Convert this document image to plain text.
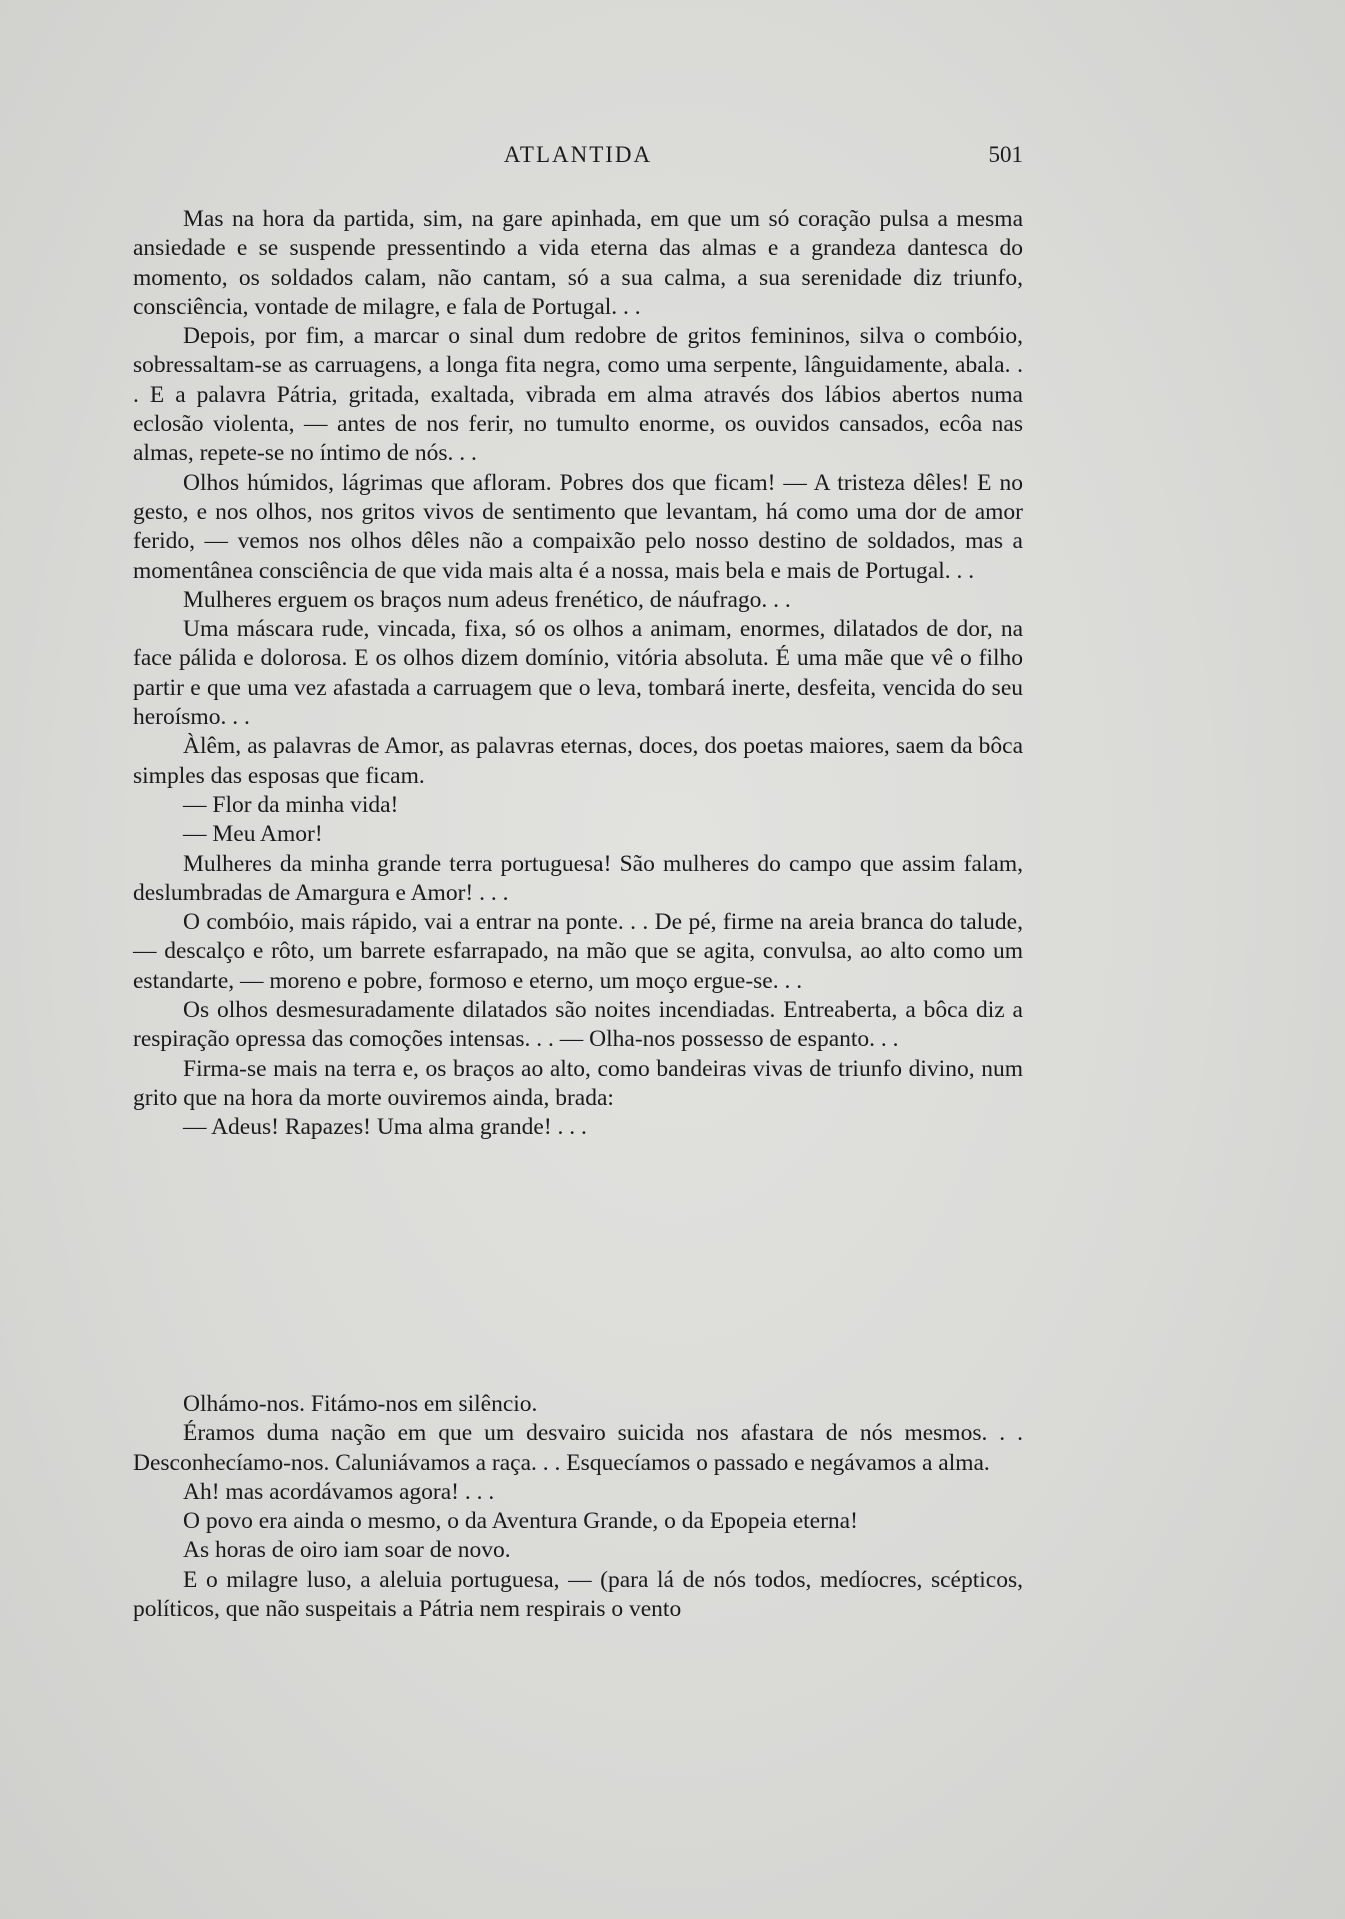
ATLANTIDA	501

Mas na hora da partida, sim, na gare apinhada, em que um só coração pulsa a mesma ansiedade e se suspende pressentindo a vida eterna das almas e a grandeza dantesca do momento, os soldados calam, não cantam, só a sua calma, a sua serenidade diz triunfo, consciência, vontade de milagre, e fala de Portugal. . .

Depois, por fim, a marcar o sinal dum redobre de gritos femininos, silva o combóio, sobressaltam-se as carruagens, a longa fita negra, como uma serpente, lânguidamente, abala. . . E a palavra Pátria, gritada, exaltada, vibrada em alma através dos lábios abertos numa eclosão violenta, — antes de nos ferir, no tumulto enorme, os ouvidos cansados, ecôa nas almas, repete-se no íntimo de nós. . .

Olhos húmidos, lágrimas que afloram. Pobres dos que ficam! — A tristeza dêles! E no gesto, e nos olhos, nos gritos vivos de sentimento que levantam, há como uma dor de amor ferido, — vemos nos olhos dêles não a compaixão pelo nosso destino de soldados, mas a momentânea consciência de que vida mais alta é a nossa, mais bela e mais de Portugal. . .

Mulheres erguem os braços num adeus frenético, de náufrago. . .

Uma máscara rude, vincada, fixa, só os olhos a animam, enormes, dilatados de dor, na face pálida e dolorosa. E os olhos dizem domínio, vitória absoluta. É uma mãe que vê o filho partir e que uma vez afastada a carruagem que o leva, tombará inerte, desfeita, vencida do seu heroísmo. . .

Àlêm, as palavras de Amor, as palavras eternas, doces, dos poetas maiores, saem da bôca simples das esposas que ficam.

— Flor da minha vida!

— Meu Amor!

Mulheres da minha grande terra portuguesa! São mulheres do campo que assim falam, deslumbradas de Amargura e Amor! . . .

O combóio, mais rápido, vai a entrar na ponte. . . De pé, firme na areia branca do talude, — descalço e rôto, um barrete esfarrapado, na mão que se agita, convulsa, ao alto como um estandarte, — moreno e pobre, formoso e eterno, um moço ergue-se. . .

Os olhos desmesuradamente dilatados são noites incendiadas. Entreaberta, a bôca diz a respiração opressa das comoções intensas. . . — Olha-nos possesso de espanto. . .

Firma-se mais na terra e, os braços ao alto, como bandeiras vivas de triunfo divino, num grito que na hora da morte ouviremos ainda, brada:

— Adeus! Rapazes! Uma alma grande! . . .

Olhámo-nos. Fitámo-nos em silêncio.

Éramos duma nação em que um desvairo suicida nos afastara de nós mesmos. . . Desconhecíamo-nos. Caluniávamos a raça. . . Esquecíamos o passado e negávamos a alma.

Ah! mas acordávamos agora! . . .

O povo era ainda o mesmo, o da Aventura Grande, o da Epopeia eterna!

As horas de oiro iam soar de novo.

E o milagre luso, a aleluia portuguesa, — (para lá de nós todos, medíocres, scépticos, políticos, que não suspeitais a Pátria nem respirais o vento
